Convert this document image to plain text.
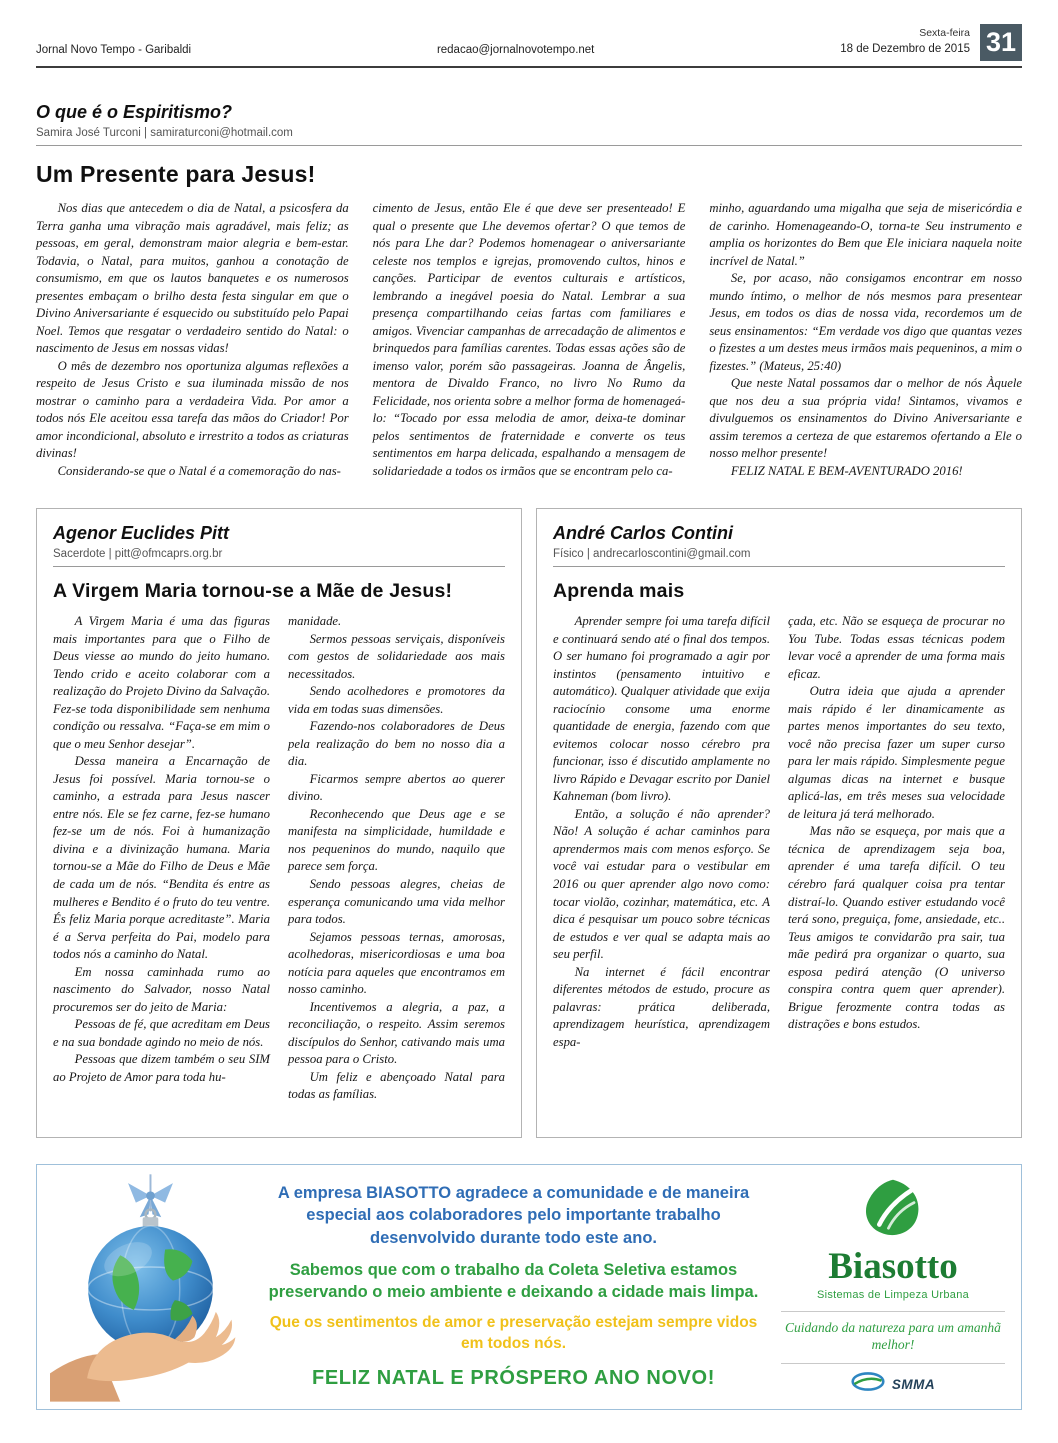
Jornal Novo Tempo - Garibaldi	redacao@jornalnovotempo.net
Sexta-feira
18 de Dezembro de 2015 31
O que é o Espiritismo?
Samira José Turconi | samiraturconi@hotmail.com
Um Presente para Jesus!

Nos dias que antecedem o dia de Natal, a psicosfera da Terra ganha uma vibração mais agradável, mais feliz; as pessoas, em geral, demonstram maior alegria e bem-estar. Todavia, o Natal, para muitos, ganhou a conotação de consumismo, em que os lautos banquetes e os numerosos presentes embaçam o brilho desta festa singular em que o Divino Aniversariante é esquecido ou substituído pelo Papai Noel. Temos que resgatar o verdadeiro sentido do Natal: o nascimento de Jesus em nossas vidas!

O mês de dezembro nos oportuniza algumas reflexões a respeito de Jesus Cristo e sua iluminada missão de nos mostrar o caminho para a verdadeira Vida. Por amor a todos nós Ele aceitou essa tarefa das mãos do Criador! Por amor incondicional, absoluto e irrestrito a todos as criaturas divinas!

Considerando-se que o Natal é a comemoração do nas-

cimento de Jesus, então Ele é que deve ser presenteado! E qual o presente que Lhe devemos ofertar? O que temos de nós para Lhe dar? Podemos homenagear o aniversariante celeste nos templos e igrejas, promovendo cultos, hinos e canções. Participar de eventos culturais e artísticos, lembrando a inegável poesia do Natal. Lembrar a sua presença compartilhando ceias fartas com familiares e amigos. Vivenciar campanhas de arrecadação de alimentos e brinquedos para famílias carentes. Todas essas ações são de imenso valor, porém são passageiras. Joanna de Ângelis, mentora de Divaldo Franco, no livro No Rumo da Felicidade, nos orienta sobre a melhor forma de homenageá-lo: “Tocado por essa melodia de amor, deixa-te dominar pelos sentimentos de fraternidade e converte os teus sentimentos em harpa delicada, espalhando a mensagem de solidariedade a todos os irmãos que se encontram pelo ca-

minho, aguardando uma migalha que seja de misericórdia e de carinho. Homenageando-O, torna-te Seu instrumento e amplia os horizontes do Bem que Ele iniciara naquela noite incrível de Natal.”

Se, por acaso, não consigamos encontrar em nosso mundo íntimo, o melhor de nós mesmos para presentear Jesus, em todos os dias de nossa vida, recordemos um de seus ensinamentos: “Em verdade vos digo que quantas vezes o fizestes a um destes meus irmãos mais pequeninos, a mim o fizestes.” (Mateus, 25:40)

Que neste Natal possamos dar o melhor de nós Àquele que nos deu a sua própria vida! Sintamos, vivamos e divulguemos os ensinamentos do Divino Aniversariante e assim teremos a certeza de que estaremos ofertando a Ele o nosso melhor presente!

FELIZ NATAL E BEM-AVENTURADO 2016!

Agenor Euclides Pitt
Sacerdote | pitt@ofmcaprs.org.br
A Virgem Maria tornou-se a Mãe de Jesus!

A Virgem Maria é uma das figuras mais importantes para que o Filho de Deus viesse ao mundo do jeito humano. Tendo crido e aceito colaborar com a realização do Projeto Divino da Salvação. Fez-se toda disponibilidade sem nenhuma condição ou ressalva. “Faça-se em mim o que o meu Senhor desejar”.

Dessa maneira a Encarnação de Jesus foi possível. Maria tornou-se o caminho, a estrada para Jesus nascer entre nós. Ele se fez carne, fez-se humano fez-se um de nós. Foi à humanização divina e a divinização humana. Maria tornou-se a Mãe do Filho de Deus e Mãe de cada um de nós. “Bendita és entre as mulheres e Bendito é o fruto do teu ventre. És feliz Maria porque acreditaste”. Maria é a Serva perfeita do Pai, modelo para todos nós a caminho do Natal.

Em nossa caminhada rumo ao nascimento do Salvador, nosso Natal procuremos ser do jeito de Maria:

Pessoas de fé, que acreditam em Deus e na sua bondade agindo no meio de nós.

Pessoas que dizem também o seu SIM ao Projeto de Amor para toda hu-

manidade.

Sermos pessoas serviçais, disponíveis com gestos de solidariedade aos mais necessitados.

Sendo acolhedores e promotores da vida em todas suas dimensões.

Fazendo-nos colaboradores de Deus pela realização do bem no nosso dia a dia.

Ficarmos sempre abertos ao querer divino.

Reconhecendo que Deus age e se manifesta na simplicidade, humildade e nos pequeninos do mundo, naquilo que parece sem força.

Sendo pessoas alegres, cheias de esperança comunicando uma vida melhor para todos.

Sejamos pessoas ternas, amorosas, acolhedoras, misericordiosas e uma boa notícia para aqueles que encontramos em nosso caminho.

Incentivemos a alegria, a paz, a reconciliação, o respeito. Assim seremos discípulos do Senhor, cativando mais uma pessoa para o Cristo.

Um feliz e abençoado Natal para todas as famílias.

André Carlos Contini
Físico | andrecarloscontini@gmail.com
Aprenda mais

Aprender sempre foi uma tarefa difícil e continuará sendo até o final dos tempos. O ser humano foi programado a agir por instintos (pensamento intuitivo e automático). Qualquer atividade que exija raciocínio consome uma enorme quantidade de energia, fazendo com que evitemos colocar nosso cérebro pra funcionar, isso é discutido amplamente no livro Rápido e Devagar escrito por Daniel Kahneman (bom livro).

Então, a solução é não aprender? Não! A solução é achar caminhos para aprendermos mais com menos esforço. Se você vai estudar para o vestibular em 2016 ou quer aprender algo novo como: tocar violão, cozinhar, matemática, etc. A dica é pesquisar um pouco sobre técnicas de estudos e ver qual se adapta mais ao seu perfil.

Na internet é fácil encontrar diferentes métodos de estudo, procure as palavras: prática deliberada, aprendizagem heurística, aprendizagem espa-

çada, etc. Não se esqueça de procurar no You Tube. Todas essas técnicas podem levar você a aprender de uma forma mais eficaz.

Outra ideia que ajuda a aprender mais rápido é ler dinamicamente as partes menos importantes do seu texto, você não precisa fazer um super curso para ler mais rápido. Simplesmente pegue algumas dicas na internet e busque aplicá-las, em três meses sua velocidade de leitura já terá melhorado.

Mas não se esqueça, por mais que a técnica de aprendizagem seja boa, aprender é uma tarefa difícil. O teu cérebro fará qualquer coisa pra tentar distraí-lo. Quando estiver estudando você terá sono, preguiça, fome, ansiedade, etc.. Teus amigos te convidarão pra sair, tua mãe pedirá pra organizar o quarto, sua esposa pedirá atenção (O universo conspira contra quem quer aprender). Brigue ferozmente contra todas as distrações e bons estudos.

A empresa BIASOTTO agradece a comunidade e de maneira especial aos colaboradores pelo importante trabalho desenvolvido durante todo este ano.

Sabemos que com o trabalho da Coleta Seletiva estamos preservando o meio ambiente e deixando a cidade mais limpa.

Que os sentimentos de amor e preservação estejam sempre vidos em todos nós.

FELIZ NATAL E PRÓSPERO ANO NOVO!

Biasotto
Sistemas de Limpeza Urbana
Cuidando da natureza para um amanhã melhor!
SMMA
